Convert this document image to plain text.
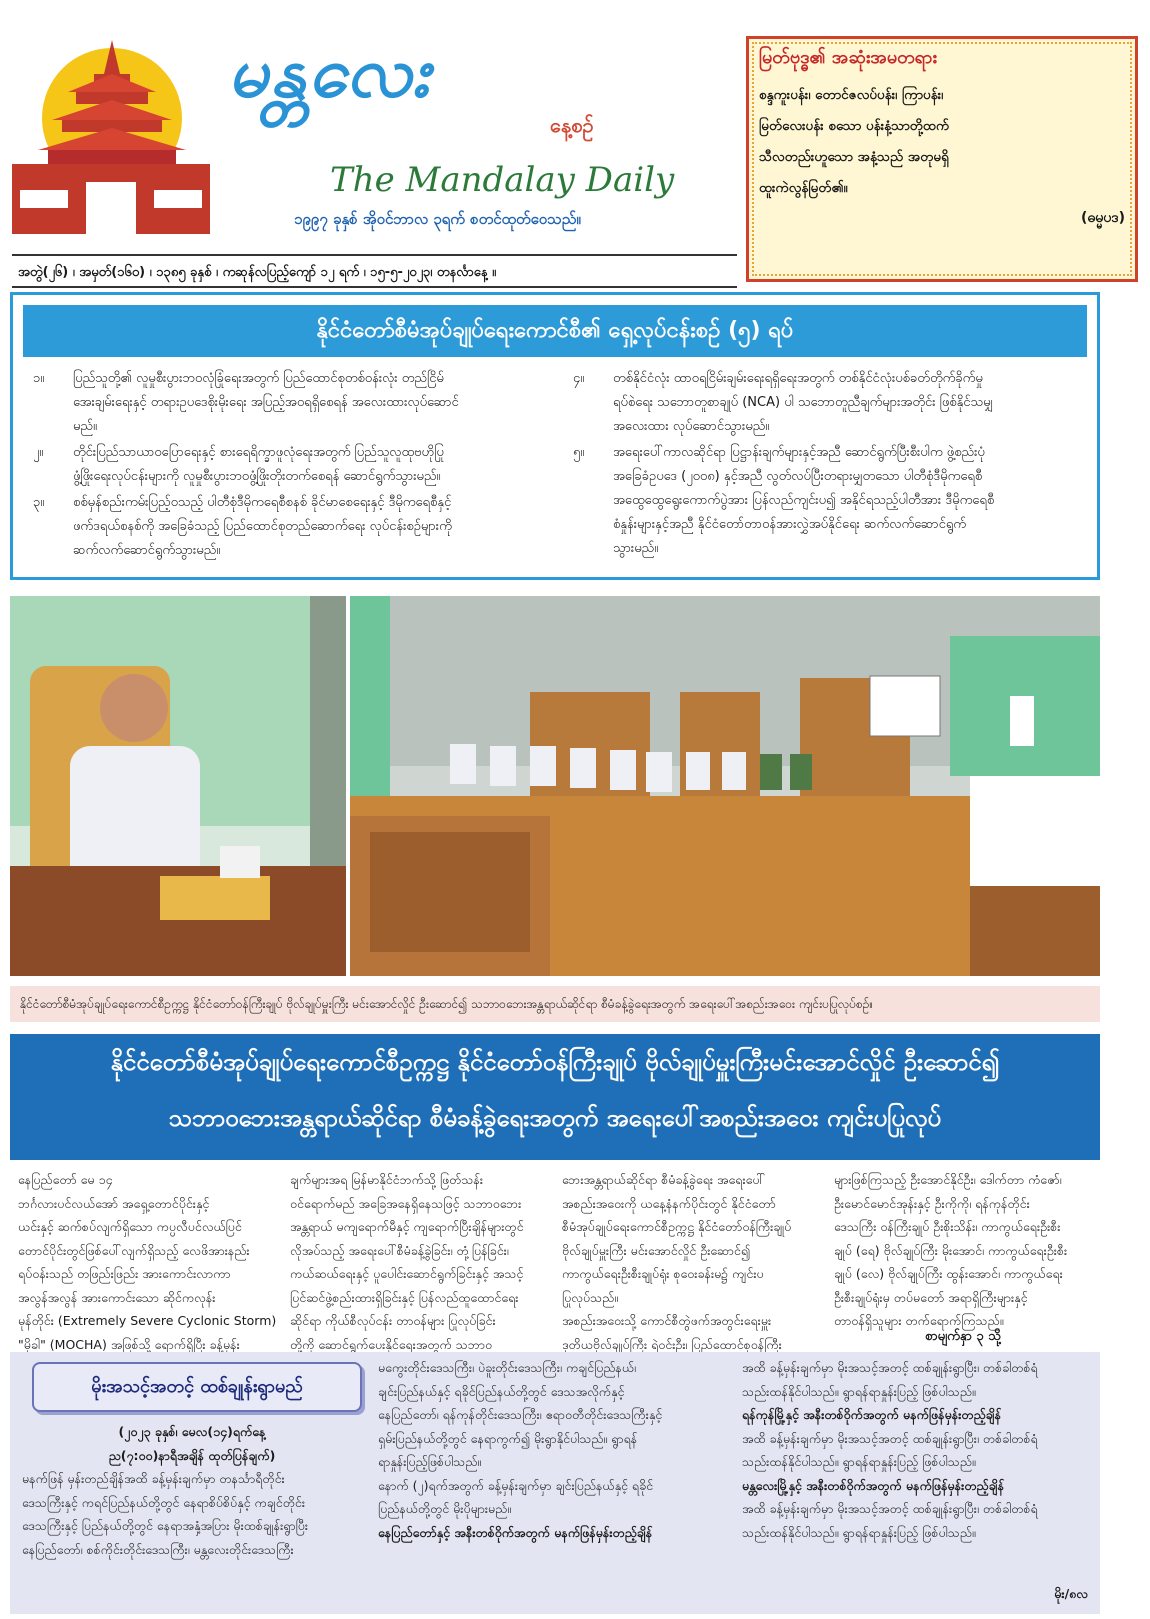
မန္တလေး
နေ့စဉ်
The Mandalay Daily
၁၉၉၇ ခုနှစ် အိုဝင်ဘာလ ၃ရက် စတင်ထုတ်ဝေသည်။
အတွဲ(၂၆) ၊ အမှတ်(၁၆၀) ၊ ၁၃၈၅ ခုနှစ် ၊ ကဆုန်လပြည့်ကျော် ၁၂ ရက် ၊ ၁၅-၅-၂၀၂၃၊ တနင်္လာနေ့ ။
မြတ်ဗုဒ္ဓ၏ အဆုံးအမတရား
စန္ဒကူးပန်း၊ တောင်ဇလပ်ပန်း၊ ကြာပန်း၊
မြတ်လေးပန်း စသော ပန်းနံ့သာတို့ထက်
သီလတည်းဟူသော အနံ့သည် အတုမရှိ
ထူးကဲလွန်မြတ်၏။
(ဓမ္မပဒ)
နိုင်ငံတော်စီမံအုပ်ချုပ်ရေးကောင်စီ၏ ရှေ့လုပ်ငန်းစဉ် (၅) ရပ်
၁။	ပြည်သူတို့၏ လူမှုစီးပွားဘဝလုံခြုံရေးအတွက် ပြည်ထောင်စုတစ်ဝန်းလုံး တည်ငြိမ်
အေးချမ်းရေးနှင့် တရားဥပဒေစိုးမိုးရေး အပြည့်အဝရရှိစေရန် အလေးထားလုပ်ဆောင်
မည်။
၂။	တိုင်းပြည်သာယာဝပြောရေးနှင့် စားရေရိက္ခာဖူလုံရေးအတွက် ပြည်သူလူထုဗဟိုပြု
ဖွံ့ဖြိုးရေးလုပ်ငန်းများကို လူမှုစီးပွားဘဝဖွံ့ဖြိုးတိုးတက်စေရန် ဆောင်ရွက်သွားမည်။
၃။	စစ်မှန်စည်းကမ်းပြည့်ဝသည့် ပါတီစုံဒီမိုကရေစီစနစ် ခိုင်မာစေရေးနှင့် ဒီမိုကရေစီနှင့်
ဖက်ဒရယ်စနစ်ကို အခြေခံသည့် ပြည်ထောင်စုတည်ဆောက်ရေး လုပ်ငန်းစဉ်များကို
ဆက်လက်ဆောင်ရွက်သွားမည်။
၄။	တစ်နိုင်ငံလုံး ထာဝရငြိမ်းချမ်းရေးရရှိရေးအတွက် တစ်နိုင်ငံလုံးပစ်ခတ်တိုက်ခိုက်မှု
ရပ်စဲရေး သဘောတူစာချုပ် (NCA) ပါ သဘောတူညီချက်များအတိုင်း ဖြစ်နိုင်သမျှ
အလေးထား လုပ်ဆောင်သွားမည်။
၅။	အရေးပေါ်ကာလဆိုင်ရာ ပြဋ္ဌာန်းချက်များနှင့်အညီ ဆောင်ရွက်ပြီးစီးပါက ဖွဲ့စည်းပုံ
အခြေခံဥပဒေ (၂၀၀၈) နှင့်အညီ လွတ်လပ်ပြီးတရားမျှတသော ပါတီစုံဒီမိုကရေစီ
အထွေထွေရွေးကောက်ပွဲအား ပြန်လည်ကျင်းပ၍ အနိုင်ရသည့်ပါတီအား ဒီမိုကရေစီ
စံနှုန်းများနှင့်အညီ နိုင်ငံတော်တာဝန်အားလွှဲအပ်နိုင်ရေး ဆက်လက်ဆောင်ရွက်
သွားမည်။
နိုင်ငံတော်စီမံအုပ်ချုပ်ရေးကောင်စီဥက္ကဋ္ဌ နိုင်ငံတော်ဝန်ကြီးချုပ် ဗိုလ်ချုပ်မှူးကြီး မင်းအောင်လှိုင် ဦးဆောင်၍ သဘာဝဘေးအန္တရာယ်ဆိုင်ရာ စီမံခန့်ခွဲရေးအတွက် အရေးပေါ်အစည်းအဝေး ကျင်းပပြုလုပ်စဉ်။
နိုင်ငံတော်စီမံအုပ်ချုပ်ရေးကောင်စီဥက္ကဋ္ဌ နိုင်ငံတော်ဝန်ကြီးချုပ် ဗိုလ်ချုပ်မှူးကြီးမင်းအောင်လှိုင် ဦးဆောင်၍
သဘာဝဘေးအန္တရာယ်ဆိုင်ရာ စီမံခန့်ခွဲရေးအတွက် အရေးပေါ်အစည်းအဝေး ကျင်းပပြုလုပ်

နေပြည်တော် မေ ၁၄

ဘင်္ဂလားပင်လယ်အော် အရှေ့တောင်ပိုင်းနှင့်

ယင်းနှင့် ဆက်စပ်လျက်ရှိသော ကပ္ပလီပင်လယ်ပြင်

တောင်ပိုင်းတွင်ဖြစ်ပေါ်လျက်ရှိသည့် လေဖိအားနည်း

ရပ်ဝန်းသည် တဖြည်းဖြည်း အားကောင်းလာကာ

အလွန်အလွန် အားကောင်းသော ဆိုင်ကလုန်း

မုန်တိုင်း (Extremely Severe Cyclonic Storm)

"မိုခါ" (MOCHA) အဖြစ်သို့ ရောက်ရှိပြီး ခန့်မှန်း

ချက်များအရ မြန်မာနိုင်ငံဘက်သို့ ဖြတ်သန်း

ဝင်ရောက်မည် အခြေအနေရှိနေသဖြင့် သဘာဝဘေး

အန္တရာယ် မကျရောက်မီနှင့် ကျရောက်ပြီးချိန်များတွင်

လိုအပ်သည့် အရေးပေါ်စီမံခန့်ခွဲခြင်း၊ တုံ့ပြန်ခြင်း၊

ကယ်ဆယ်ရေးနှင့် ပူပေါင်းဆောင်ရွက်ခြင်းနှင့် အသင့်

ပြင်ဆင်ဖွဲ့စည်းထားရှိခြင်းနှင့် ပြန်လည်ထူထောင်ရေး

ဆိုင်ရာ ကိုယ်စီလုပ်ငန်း တာဝန်များ ပြုလုပ်ခြင်း

တို့ကို ဆောင်ရွက်ပေးနိုင်ရေးအတွက် သဘာဝ

ဘေးအန္တရာယ်ဆိုင်ရာ စီမံခန့်ခွဲရေး အရေးပေါ်

အစည်းအဝေးကို ယနေ့နံနက်ပိုင်းတွင် နိုင်ငံတော်

စီမံအုပ်ချုပ်ရေးကောင်စီဥက္ကဋ္ဌ နိုင်ငံတော်ဝန်ကြီးချုပ်

ဗိုလ်ချုပ်မှူးကြီး မင်းအောင်လှိုင် ဦးဆောင်၍

ကာကွယ်ရေးဦးစီးချုပ်ရုံး စုဝေးခန်းမ၌ ကျင်းပ

ပြုလုပ်သည်။

အစည်းအဝေးသို့ ကောင်စီတွဲဖက်အတွင်းရေးမှူး

ဒုတိယဗိုလ်ချုပ်ကြီး ရဲဝင်းဦး၊ ပြည်ထောင်စုဝန်ကြီး

များဖြစ်ကြသည့် ဦးအောင်နိုင်ဦး၊ ဒေါက်တာ ကံဇော်၊

ဦးမောင်မောင်အုန်းနှင့် ဦးကိုကို၊ ရန်ကုန်တိုင်း

ဒေသကြီး ဝန်ကြီးချုပ် ဦးစိုးသိန်း၊ ကာကွယ်ရေးဦးစီး

ချုပ် (ရေ) ဗိုလ်ချုပ်ကြီး မိုးအောင်၊ ကာကွယ်ရေးဦးစီး

ချုပ် (လေ) ဗိုလ်ချုပ်ကြီး ထွန်းအောင်၊ ကာကွယ်ရေး

ဦးစီးချုပ်ရုံးမှ တပ်မတော် အရာရှိကြီးများနှင့်

တာဝန်ရှိသူများ တက်ရောက်ကြသည်။

စာမျက်နှာ ၃ သို့
မိုးအသင့်အတင့် ထစ်ချုန်းရွာမည်

(၂၀၂၃ ခုနှစ်၊ မေလ(၁၄)ရက်နေ့

ည(၇:၀၀)နာရီအချိန် ထုတ်ပြန်ချက်)

မနက်ဖြန် မှန်းတည်ချိန်အထိ ခန့်မှန်းချက်မှာ တနင်္သာရီတိုင်း

ဒေသကြီးနှင့် ကရင်ပြည်နယ်တို့တွင် နေရာစိပ်စိပ်နှင့် ကချင်တိုင်း

ဒေသကြီးနှင့် ပြည်နယ်တို့တွင် နေရာအနှံ့အပြား မိုးထစ်ချုန်းရွာပြီး

နေပြည်တော်၊ စစ်ကိုင်းတိုင်းဒေသကြီး၊ မန္တလေးတိုင်းဒေသကြီး

မကွေးတိုင်းဒေသကြီး၊ ပဲခူးတိုင်းဒေသကြီး၊ ကချင်ပြည်နယ်၊

ချင်းပြည်နယ်နှင့် ရခိုင်ပြည်နယ်တို့တွင် ဒေသအလိုက်နှင့်

နေပြည်တော်၊ ရန်ကုန်တိုင်းဒေသကြီး၊ ဧရာဝတီတိုင်းဒေသကြီးနှင့်

ရှမ်းပြည်နယ်တို့တွင် နေရာကွက်၍ မိုးရွာနိုင်ပါသည်။ ရွာရန်

ရာနှုန်းပြည့်ဖြစ်ပါသည်။

နောက် (၂)ရက်အတွက် ခန့်မှန်းချက်မှာ ချင်းပြည်နယ်နှင့် ရခိုင်

ပြည်နယ်တို့တွင် မိုးပိုများမည်။

နေပြည်တော်နှင့် အနီးတစ်ဝိုက်အတွက် မနက်ဖြန်မှန်းတည့်ချိန်

အထိ ခန့်မှန်းချက်မှာ မိုးအသင့်အတင့် ထစ်ချုန်းရွာပြီး၊ တစ်ခါတစ်ရံ

သည်းထန်နိုင်ပါသည်။ ရွာရန်ရာနှုန်းပြည့် ဖြစ်ပါသည်။

ရန်ကုန်မြို့နှင့် အနီးတစ်ဝိုက်အတွက် မနက်ဖြန်မှန်းတည့်ချိန်

အထိ ခန့်မှန်းချက်မှာ မိုးအသင့်အတင့် ထစ်ချုန်းရွာပြီး၊ တစ်ခါတစ်ရံ

သည်းထန်နိုင်ပါသည်။ ရွာရန်ရာနှုန်းပြည့် ဖြစ်ပါသည်။

မန္တလေးမြို့နှင့် အနီးတစ်ဝိုက်အတွက် မနက်ဖြန်မှန်းတည့်ချိန်

အထိ ခန့်မှန်းချက်မှာ မိုးအသင့်အတင့် ထစ်ချုန်းရွာပြီး၊ တစ်ခါတစ်ရံ

သည်းထန်နိုင်ပါသည်။ ရွာရန်ရာနှုန်းပြည့် ဖြစ်ပါသည်။

မိုး/၈လ
